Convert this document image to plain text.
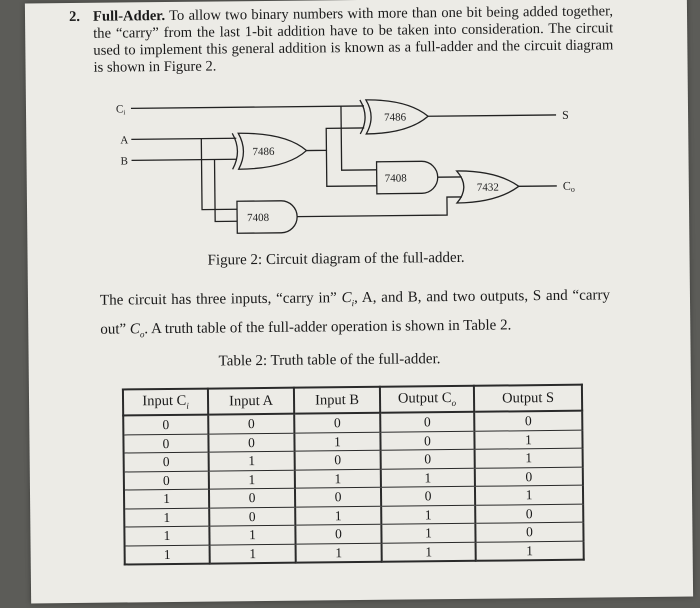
2. Full-Adder. To allow two binary numbers with more than one bit being added together, the “carry” from the last 1-bit addition have to be taken into consideration. The circuit used to implement this general addition is known as a full-adder and the circuit diagram is shown in Figure 2.
Ci
A
B
7486
7486
7408
7408
7432
S
Co
Figure 2: Circuit diagram of the full-adder.
The circuit has three inputs, “carry in” $C_i$, A, and B, and two outputs, S and “carry out” $C_o$. A truth table of the full-adder operation is shown in Table 2.
Table 2: Truth table of the full-adder.
Input $C_i$	Input A	Input B	Output $C_o$	Output S
0	0	0	0	0
0	0	1	0	1
0	1	0	0	1
0	1	1	1	0
1	0	0	0	1
1	0	1	1	0
1	1	0	1	0
1	1	1	1	1
